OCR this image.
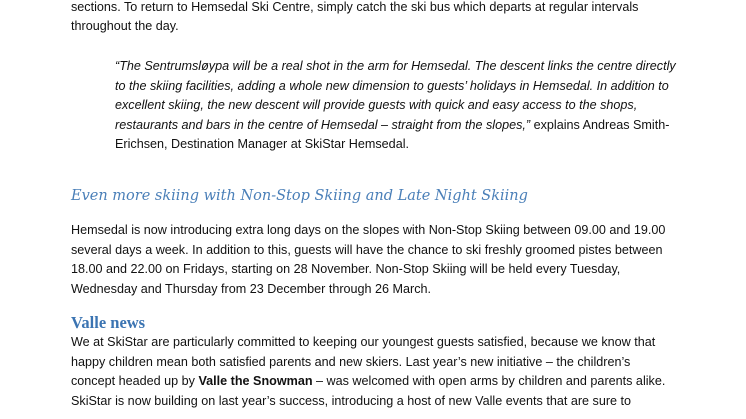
sections. To return to Hemsedal Ski Centre, simply catch the ski bus which departs at regular intervals
throughout the day.
“The Sentrumsløypa will be a real shot in the arm for Hemsedal. The descent links the centre directly
to the skiing facilities, adding a whole new dimension to guests’ holidays in Hemsedal. In addition to
excellent skiing, the new descent will provide guests with quick and easy access to the shops,
restaurants and bars in the centre of Hemsedal – straight from the slopes,” explains Andreas Smith-
Erichsen, Destination Manager at SkiStar Hemsedal.
Even more skiing with Non-Stop Skiing and Late Night Skiing
Hemsedal is now introducing extra long days on the slopes with Non-Stop Skiing between 09.00 and 19.00
several days a week. In addition to this, guests will have the chance to ski freshly groomed pistes between
18.00 and 22.00 on Fridays, starting on 28 November. Non-Stop Skiing will be held every Tuesday,
Wednesday and Thursday from 23 December through 26 March.
Valle news
We at SkiStar are particularly committed to keeping our youngest guests satisfied, because we know that
happy children mean both satisfied parents and new skiers. Last year’s new initiative – the children’s
concept headed up by Valle the Snowman – was welcomed with open arms by children and parents alike.
SkiStar is now building on last year’s success, introducing a host of new Valle events that are sure to
